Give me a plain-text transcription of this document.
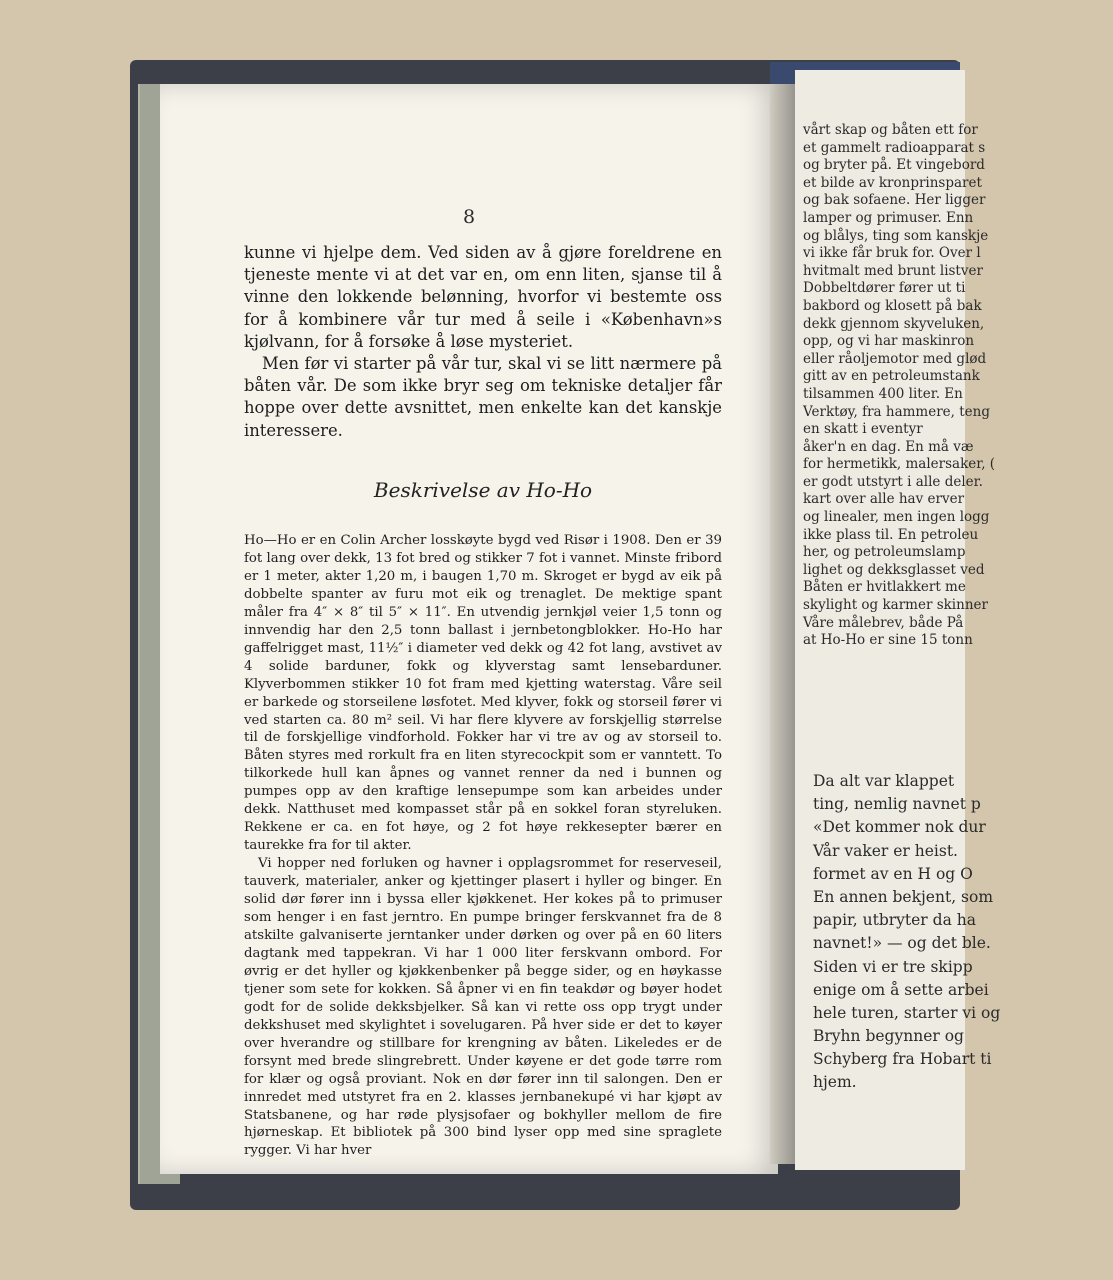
8

kunne vi hjelpe dem. Ved siden av å gjøre foreldrene en tjeneste mente vi at det var en, om enn liten, sjanse til å vinne den lokkende belønning, hvorfor vi bestemte oss for å kombinere vår tur med å seile i «København»s kjølvann, for å forsøke å løse mysteriet.

Men før vi starter på vår tur, skal vi se litt nærmere på båten vår. De som ikke bryr seg om tekniske detaljer får hoppe over dette avsnittet, men enkelte kan det kanskje interessere.

Beskrivelse av Ho-Ho

Ho—Ho er en Colin Archer losskøyte bygd ved Risør i 1908. Den er 39 fot lang over dekk, 13 fot bred og stikker 7 fot i vannet. Minste fribord er 1 meter, akter 1,20 m, i baugen 1,70 m. Skroget er bygd av eik på dobbelte spanter av furu mot eik og trenaglet. De mektige spant måler fra 4″ × 8″ til 5″ × 11″. En utvendig jernkjøl veier 1,5 tonn og innvendig har den 2,5 tonn ballast i jernbetongblokker. Ho-Ho har gaffelrigget mast, 11½″ i diameter ved dekk og 42 fot lang, avstivet av 4 solide barduner, fokk og klyverstag samt lensebarduner. Klyverbommen stikker 10 fot fram med kjetting waterstag. Våre seil er barkede og storseilene løsfotet. Med klyver, fokk og storseil fører vi ved starten ca. 80 m² seil. Vi har flere klyvere av forskjellig størrelse til de forskjellige vindforhold. Fokker har vi tre av og av storseil to. Båten styres med rorkult fra en liten styrecockpit som er vanntett. To tilkorkede hull kan åpnes og vannet renner da ned i bunnen og pumpes opp av den kraftige lensepumpe som kan arbeides under dekk. Natthuset med kompasset står på en sokkel foran styreluken. Rekkene er ca. en fot høye, og 2 fot høye rekkesepter bærer en taurekke fra for til akter.

Vi hopper ned forluken og havner i opplagsrommet for reserveseil, tauverk, materialer, anker og kjettinger plasert i hyller og binger. En solid dør fører inn i byssa eller kjøkkenet. Her kokes på to primuser som henger i en fast jerntro. En pumpe bringer ferskvannet fra de 8 atskilte galvaniserte jerntanker under dørken og over på en 60 liters dagtank med tappekran. Vi har 1 000 liter ferskvann ombord. For øvrig er det hyller og kjøkkenbenker på begge sider, og en høykasse tjener som sete for kokken. Så åpner vi en fin teakdør og bøyer hodet godt for de solide dekksbjelker. Så kan vi rette oss opp trygt under dekkshuset med skylightet i sovelugaren. På hver side er det to køyer over hverandre og stillbare for krengning av båten. Likeledes er de forsynt med brede slingrebrett. Under køyene er det gode tørre rom for klær og også proviant. Nok en dør fører inn til salongen. Den er innredet med utstyret fra en 2. klasses jernbanekupé vi har kjøpt av Statsbanene, og har røde plysjsofaer og bokhyller mellom de fire hjørneskap. Et bibliotek på 300 bind lyser opp med sine spraglete rygger. Vi har hver

vårt skap og båten ett for
et gammelt radioapparat s
og bryter på. Et vingebord
et bilde av kronprinsparet
og bak sofaene. Her ligger
lamper og primuser. Enn
og blålys, ting som kanskje
vi ikke får bruk for. Over l
hvitmalt med brunt listver
Dobbeltdører fører ut ti
bakbord og klosett på bak
dekk gjennom skyveluken,
opp, og vi har maskinron
eller råoljemotor med glød
gitt av en petroleumstank
tilsammen 400 liter. En
Verktøy, fra hammere, teng
en skatt i eventyr
åker'n en dag. En må væ
for hermetikk, malersaker, (
er godt utstyrt i alle deler.
kart over alle hav erver
og linealer, men ingen logg
ikke plass til. En petroleu
her, og petroleumslamp
lighet og dekksglasset ved
Båten er hvitlakkert me
skylight og karmer skinner
Våre målebrev, både På
at Ho-Ho er sine 15 tonn
Da alt var klappet
ting, nemlig navnet p
«Det kommer nok dur
Vår vaker er heist.
formet av en H og O
En annen bekjent, som
papir, utbryter da ha
navnet!» — og det ble.
Siden vi er tre skipp
enige om å sette arbei
hele turen, starter vi og
Bryhn begynner og
Schyberg fra Hobart ti
hjem.
